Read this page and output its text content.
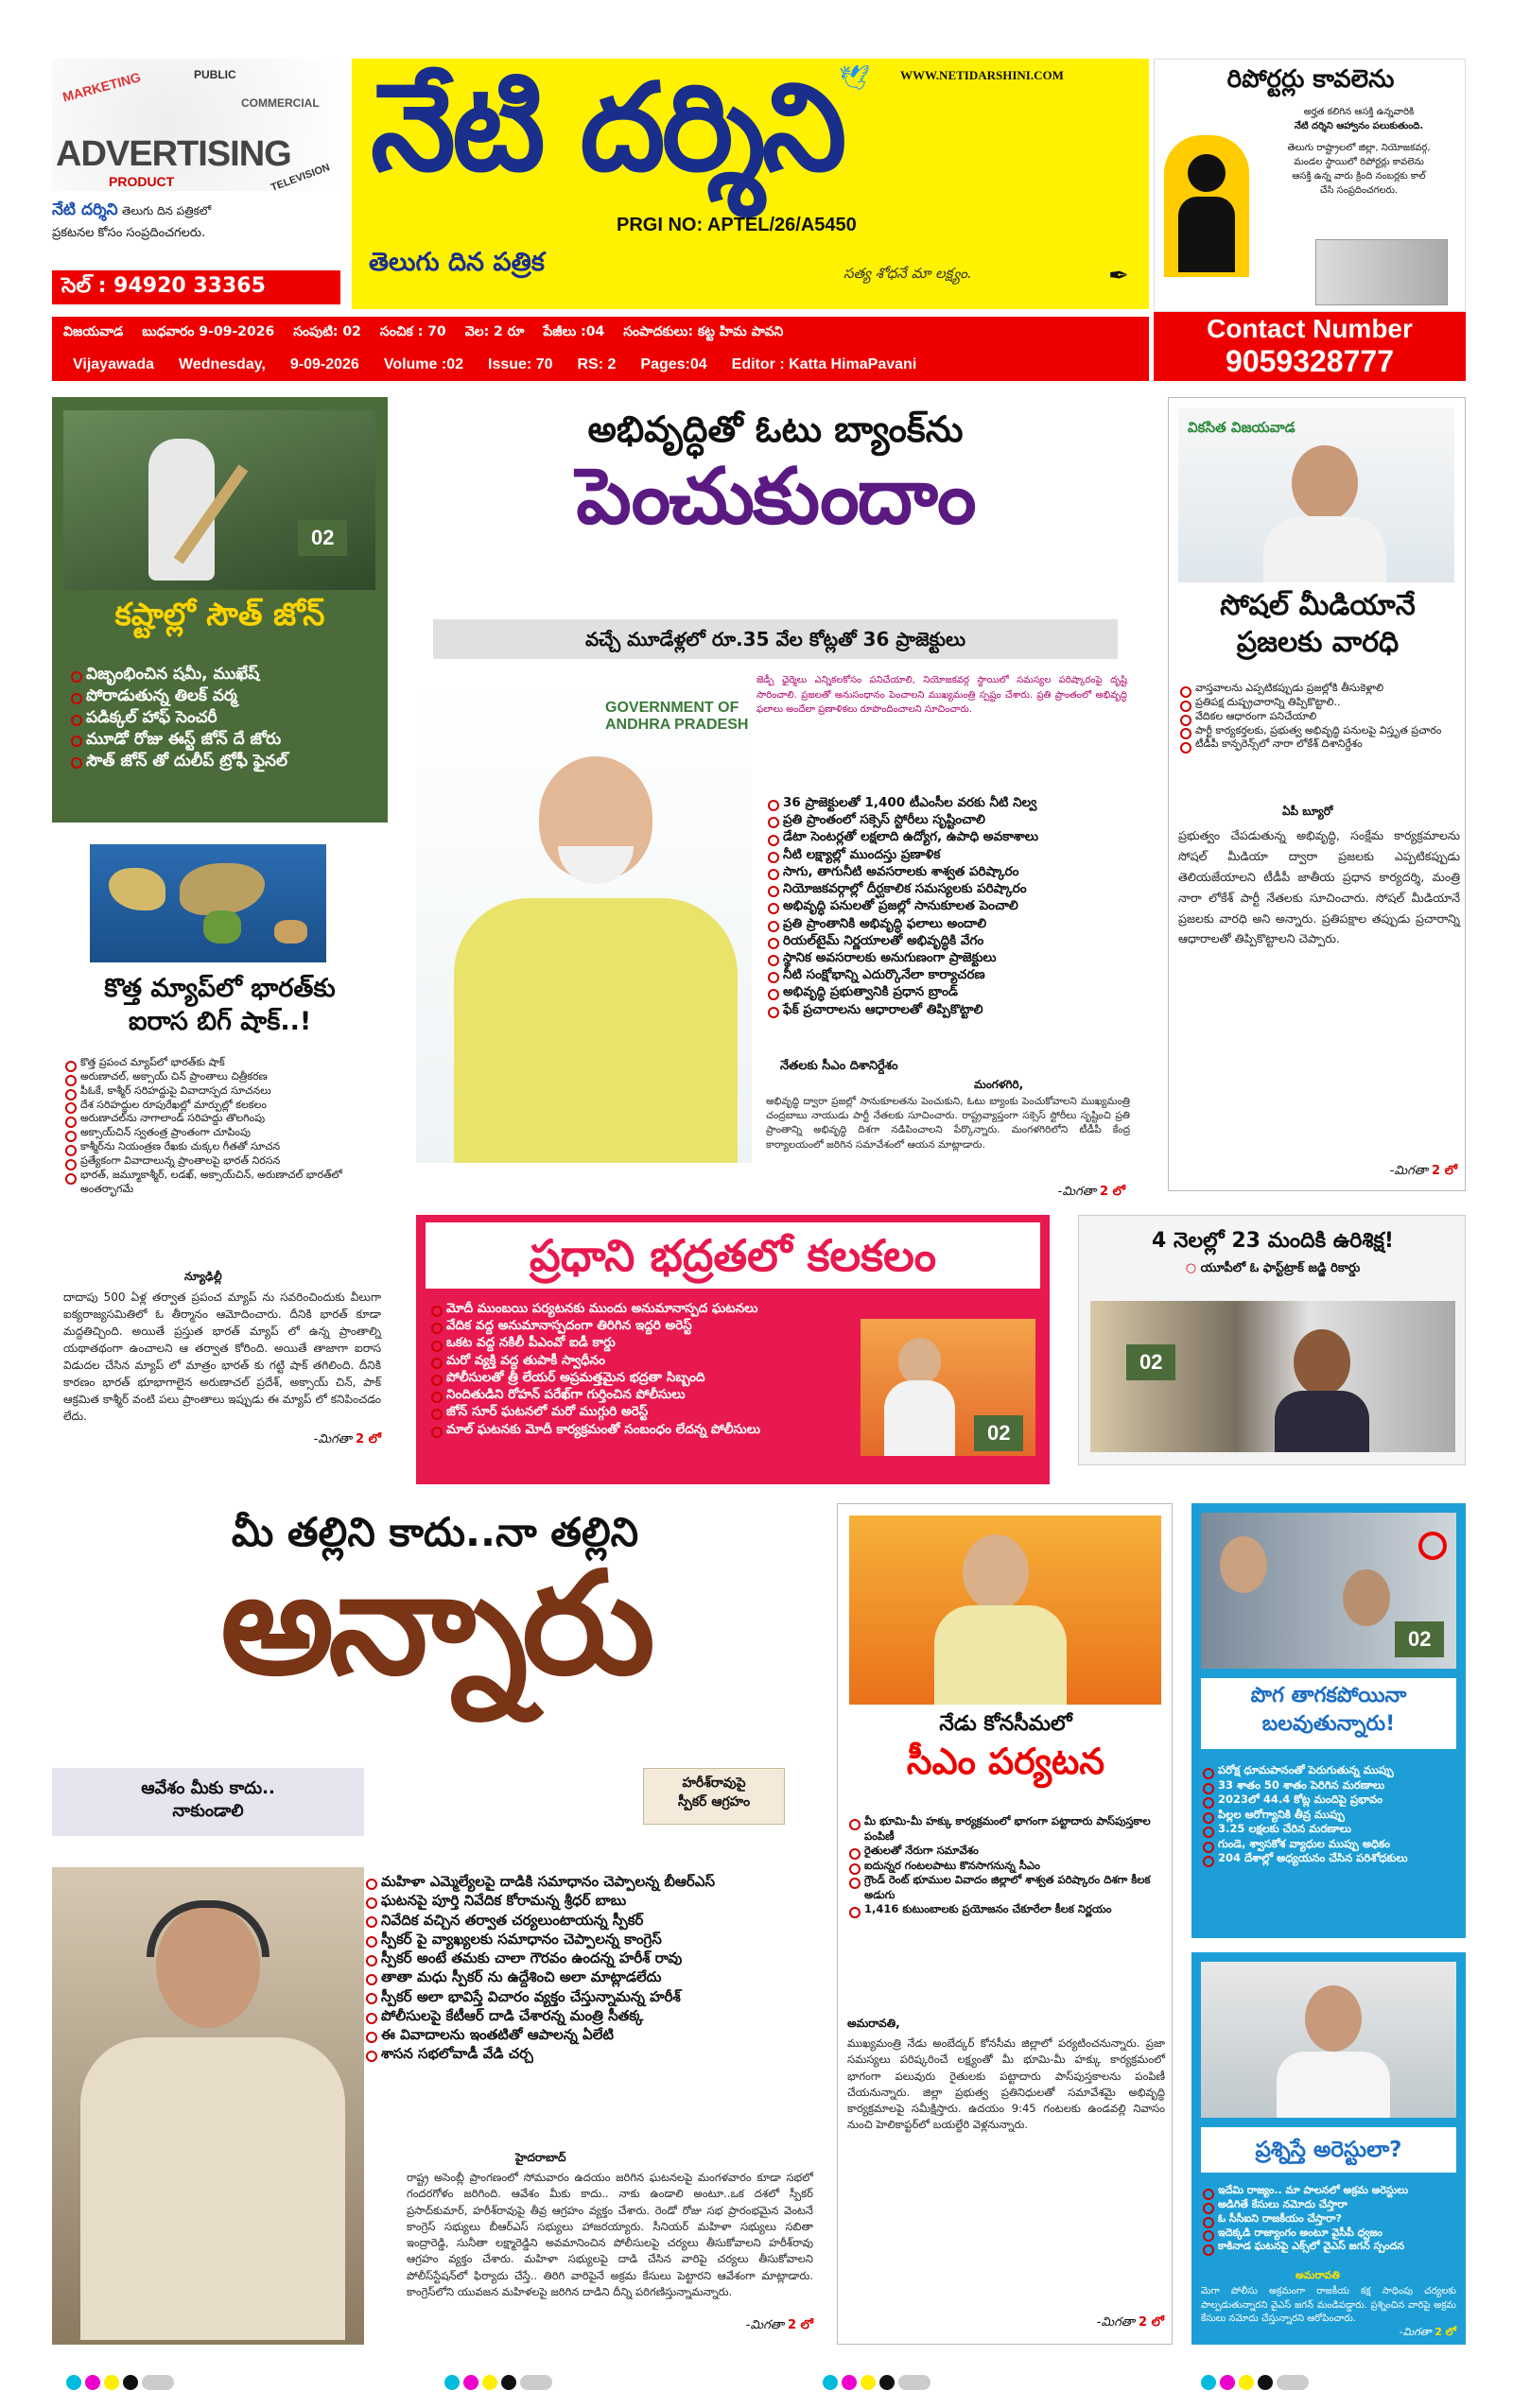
MARKETING	PUBLIC
COMMERCIAL
ADVERTISING
PRODUCT	TELEVISION
నేటి దర్శిని తెలుగు దిన పత్రికలో
ప్రకటనల కోసం సంప్రదించగలరు.
సెల్ : 94920 33365
WWW.NETIDARSHINI.COM
🕊
నేటి దర్శిని
PRGI NO: APTEL/26/A5450
తెలుగు దిన పత్రిక	సత్య శోధనే మా లక్ష్యం.	✒
విజయవాడ బుధవారం 9-09-2026 సంపుటి: 02 సంచిక : 70 వెల: 2 రూ పేజీలు :04 సంపాదకులు: కట్ట హిమ పావని
Vijayawada Wednesday, 9-09-2026 Volume :02 Issue: 70 RS: 2 Pages:04 Editor : Katta HimaPavani
రిపోర్టర్లు కావలెను
అర్హత కలిగిన ఆసక్తి ఉన్నవారికి
నేటి దర్శిని ఆహ్వానం పలుకుతుంది.
తెలుగు రాష్ట్రాలలో జిల్లా, నియోజకవర్గ,
మండల స్థాయిలో రిపోర్టర్లు కావలెను
ఆసక్తి ఉన్న వారు క్రింది నంబర్లకు కాల్
చేసి సంప్రదించగలరు.
Contact Number
9059328777
02
కష్టాల్లో సౌత్ జోన్
విజృంభించిన షమీ, ముఖేష్
పోరాడుతున్న తిలక్ వర్మ
పడిక్కల్ హాఫ్ సెంచరీ
మూడో రోజు ఈస్ట్ జోన్ దే జోరు
సౌత్ జోన్ తో దులీప్ ట్రోఫీ ఫైనల్
కొత్త మ్యాప్‌లో భారత్‌కు
ఐరాస బిగ్ షాక్..!
కొత్త ప్రపంచ మ్యాప్‌లో భారత్‌కు షాక్
అరుణాచల్, అక్సాయ్ చిన్ ప్రాంతాలు చిత్రీకరణ
పీఓకే, కాశ్మీర్ సరిహద్దుపై వివాదాస్పద సూచనలు
దేశ సరిహద్దుల రూపురేఖల్లో మార్పుల్లో కలకలం
అరుణాచల్‌ను నాగాలాండ్ సరిహద్దు తొలగింపు
అక్సాయ్‌చిన్ స్వతంత్ర ప్రాంతంగా చూపింపు
కాశ్మీర్‌ను నియంత్రణ రేఖకు చుక్కల గీతతో సూచన
ప్రత్యేకంగా వివాదాలున్న ప్రాంతాలపై భారత్ నిరసన
భారత్, జమ్మూకాశ్మీర్, లడఖ్, అక్సాయ్‌చిన్, అరుణాచల్ భారత్‌లో అంతర్భాగమే
న్యూఢిల్లీ
దాదాపు 500 ఏళ్ల తర్వాత ప్రపంచ మ్యాప్ ను సవరించిందుకు వీలుగా ఐక్యరాజ్యసమితిలో ఓ తీర్మానం ఆమోదించారు. దీనికి భారత్ కూడా మద్దతిచ్చింది. అయితే ప్రస్తుత భారత్ మ్యాప్ లో ఉన్న ప్రాంతాల్ని యథాతథంగా ఉంచాలని ఆ తర్వాత కోరింది. అయితే తాజాగా ఐరాస విడుదల చేసిన మ్యాప్ లో మాత్రం భారత్ కు గట్టి షాక్ తగిలింది. దీనికి కారణం భారత్ భూభాగాలైన అరుణాచల్ ప్రదేశ్, అక్సాయ్ చిన్, పాక్ ఆక్రమిత కాశ్మీర్ వంటి పలు ప్రాంతాలు ఇప్పుడు ఈ మ్యాప్ లో కనిపించడం లేదు.
-మిగతా 2 లో
అభివృద్ధితో ఓటు బ్యాంక్‌ను
పెంచుకుందాం
వచ్చే మూడేళ్లలో రూ.35 వేల కోట్లతో 36 ప్రాజెక్టులు
జెడ్పీ ఛైర్మెలు ఎన్నికలకోసం పనిచేయాలి, నియోజకవర్గ స్థాయిలో సమస్యల పరిష్కారంపై దృష్టి సారించాలి. ప్రజలతో అనుసంధానం పెంచాలని ముఖ్యమంత్రి స్పష్టం చేశారు. ప్రతి ప్రాంతంలో అభివృద్ధి ఫలాలు అందేలా ప్రణాళికలు రూపొందించాలని సూచించారు.
GOVERNMENT OF ANDHRA PRADESH
36 ప్రాజెక్టులతో 1,400 టీఎంసీల వరకు నీటి నిల్వ
ప్రతి ప్రాంతంలో సక్సెస్ స్టోరీలు సృష్టించాలి
డేటా సెంటర్లతో లక్షలాది ఉద్యోగ, ఉపాధి అవకాశాలు
నీటి లక్ష్యాల్లో ముందస్తు ప్రణాళిక
సాగు, తాగునీటి అవసరాలకు శాశ్వత పరిష్కారం
నియోజకవర్గాల్లో దీర్ఘకాలిక సమస్యలకు పరిష్కారం
అభివృద్ధి పనులతో ప్రజల్లో సానుకూలత పెంచాలి
ప్రతి ప్రాంతానికి అభివృద్ధి ఫలాలు అందాలి
రియల్‌టైమ్ నిర్ణయాలతో అభివృద్ధికి వేగం
స్థానిక అవసరాలకు అనుగుణంగా ప్రాజెక్టులు
నీటి సంక్షోభాన్ని ఎదుర్కొనేలా కార్యాచరణ
అభివృద్ధి ప్రభుత్వానికి ప్రధాన బ్రాండ్
ఫేక్ ప్రచారాలను ఆధారాలతో తిప్పికొట్టాలి
నేతలకు సీఎం దిశానిర్దేశం
మంగళగిరి,
అభివృద్ధి ద్వారా ప్రజల్లో సానుకూలతను పెంచుకుని, ఓటు బ్యాంకు పెంచుకోవాలని ముఖ్యమంత్రి చంద్రబాబు నాయుడు పార్టీ నేతలకు సూచించారు. రాష్ట్రవ్యాప్తంగా సక్సెస్ స్టోరీలు సృష్టించి ప్రతి ప్రాంతాన్ని అభివృద్ధి దిశగా నడిపించాలని పేర్కొన్నారు. మంగళగిరిలోని టీడీపీ కేంద్ర కార్యాలయంలో జరిగిన సమావేశంలో ఆయన మాట్లాడారు.
-మిగతా 2 లో
వికసిత విజయవాడ
సోషల్ మీడియానే
ప్రజలకు వారధి
వాస్తవాలను ఎప్పటికప్పుడు ప్రజల్లోకి తీసుకెళ్లాలి
ప్రతిపక్ష దుష్ప్రచారాన్ని తిప్పికొట్టాలి..
వేదికల ఆధారంగా పనిచేయాలి
పార్టీ కార్యకర్తలకు, ప్రభుత్వ అభివృద్ధి పనులపై విస్తృత ప్రచారం
టీడీపీ కాన్ఫరెన్స్‌లో నారా లోకేశ్ దిశానిర్దేశం
ఏపీ బ్యూరో
ప్రభుత్వం చేపడుతున్న అభివృద్ధి, సంక్షేమ కార్యక్రమాలను సోషల్ మీడియా ద్వారా ప్రజలకు ఎప్పటికప్పుడు తెలియజేయాలని టీడీపీ జాతీయ ప్రధాన కార్యదర్శి, మంత్రి నారా లోకేశ్ పార్టీ నేతలకు సూచించారు. సోషల్ మీడియానే ప్రజలకు వారధి అని అన్నారు. ప్రతిపక్షాల తప్పుడు ప్రచారాన్ని ఆధారాలతో తిప్పికొట్టాలని చెప్పారు.
-మిగతా 2 లో
ప్రధాని భద్రతలో కలకలం
మోదీ ముంబయి పర్యటనకు ముందు అనుమానాస్పద ఘటనలు
వేదిక వద్ద అనుమానాస్పదంగా తిరిగిన ఇద్దరి అరెస్ట్
ఒకట వద్ద నకిలీ పీఎంవో ఐడీ కార్డు
మరో వ్యక్తి వద్ద తుపాకీ స్వాధీనం
పోలీసులతో త్రీ లేయర్ అప్రమత్తమైన భద్రతా సిబ్బంది
నిందితుడిని రోహన్ పరేఖ్‌గా గుర్తించిన పోలీసులు
జోన్ సూర్ ఘటనలో మరో ముగ్గురి అరెస్ట్
మాల్ ఘటనకు మోదీ కార్యక్రమంతో సంబంధం లేదన్న పోలీసులు	02
4 నెలల్లో 23 మందికి ఉరిశిక్ష!
○ యూపీలో ఓ ఫాస్ట్‌ట్రాక్ జడ్జి రికార్డు
02
మీ తల్లిని కాదు..నా తల్లిని
అన్నారు
ఆవేశం మీకు కాదు..
నాకుండాలి
హరీశ్‌రావుపై
స్పీకర్ ఆగ్రహం
మహిళా ఎమ్మెల్యేలపై దాడికి సమాధానం చెప్పాలన్న బీఆర్ఎస్
ఘటనపై పూర్తి నివేదిక కోరామన్న శ్రీధర్ బాబు
నివేదిక వచ్చిన తర్వాత చర్యలుంటాయన్న స్పీకర్
స్పీకర్ పై వ్యాఖ్యలకు సమాధానం చెప్పాలన్న కాంగ్రెస్
స్పీకర్ అంటే తమకు చాలా గౌరవం ఉందన్న హరీశ్ రావు
తాతా మధు స్పీకర్ ను ఉద్దేశించి అలా మాట్లాడలేదు
స్పీకర్ అలా భావిస్తే విచారం వ్యక్తం చేస్తున్నామన్న హరీశ్
పోలీసులపై కేటీఆర్ దాడి చేశారన్న మంత్రి సీతక్క
ఈ వివాదాలను ఇంతటితో ఆపాలన్న ఏలేటి
శాసన సభలోవాడీ వేడి చర్చ
హైదరాబాద్
రాష్ట్ర అసెంబ్లీ ప్రాంగణంలో సోమవారం ఉదయం జరిగిన ఘటనలపై మంగళవారం కూడా సభలో గందరగోళం జరిగింది. ఆవేశం మీకు కాదు.. నాకు ఉండాలి అంటూ..ఒక దశలో స్పీకర్ ప్రసాద్‌కుమార్, హరీశ్‌రావుపై తీవ్ర ఆగ్రహం వ్యక్తం చేశారు. రెండో రోజు సభ ప్రారంభమైన వెంటనే కాంగ్రెస్ సభ్యులు బీఆర్ఎస్ సభ్యులు హాజరయ్యారు. సీనియర్ మహిళా సభ్యులు సబితా ఇంద్రారెడ్డి, సునీతా లక్ష్మారెడ్డిని అవమానించిన పోలీసులపై చర్యలు తీసుకోవాలని హరీశ్‌రావు ఆగ్రహం వ్యక్తం చేశారు. మహిళా సభ్యులపై దాడి చేసిన వారిపై చర్యలు తీసుకోవాలని పోలీస్‌స్టేషన్‌లో ఫిర్యాదు చేస్తే.. తిరిగి వారిపైనే అక్రమ కేసులు పెట్టారని ఆవేశంగా మాట్లాడారు. కాంగ్రెస్‌లోని యువజన మహిళలపై జరిగిన దాడిని దీన్ని పరిగణిస్తున్నామన్నారు.
-మిగతా 2 లో
నేడు కోనసీమలో
సీఎం పర్యటన
మీ భూమి-మీ హక్కు కార్యక్రమంలో భాగంగా పట్టాదారు పాస్‌పుస్తకాల పంపిణీ
రైతులతో నేరుగా సమావేశం
ఐదున్నర గంటలపాటు కొనసాగనున్న సీఎం
గ్రౌండ్ రెంట్ భూముల వివాదం జిల్లాలో శాశ్వత పరిష్కారం దిశగా కీలక అడుగు
1,416 కుటుంబాలకు ప్రయోజనం చేకూరేలా కీలక నిర్ణయం
అమరావతి,
ముఖ్యమంత్రి నేడు అంబేద్కర్ కోనసీమ జిల్లాలో పర్యటించనున్నారు. ప్రజా సమస్యలు పరిష్కరించే లక్ష్యంతో మీ భూమి-మీ హక్కు కార్యక్రమంలో భాగంగా పలువురు రైతులకు పట్టాదారు పాస్‌పుస్తకాలను పంపిణీ చేయనున్నారు. జిల్లా ప్రభుత్వ ప్రతినిధులతో సమావేశమై అభివృద్ధి కార్యక్రమాలపై సమీక్షిస్తారు. ఉదయం 9:45 గంటలకు ఉండవల్లి నివాసం నుంచి హెలికాప్టర్‌లో బయల్దేరి వెళ్లనున్నారు.
-మిగతా 2 లో
02
పొగ తాగకపోయినా
బలవుతున్నారు!
పరోక్ష ధూమపానంతో పెరుగుతున్న ముప్పు
33 శాతం 50 శాతం పెరిగిన మరణాలు
2023లో 44.4 కోట్ల మందిపై ప్రభావం
పిల్లల ఆరోగ్యానికి తీవ్ర ముప్పు
3.25 లక్షలకు చేరిన మరణాలు
గుండె, శ్వాసకోశ వ్యాధుల ముప్పు అధికం
204 దేశాల్లో అధ్యయనం చేసిన పరిశోధకులు
ప్రశ్నిస్తే అరెస్టులా?
ఇదేమి రాజ్యం.. మా పాలనలో అక్రమ అరెస్టులు
అడిగితే కేసులు నమోదు చేస్తారా
ఓ సీసీఐని రాజకీయం చేస్తారా?
ఇదెక్కడి రాజ్యాంగం అంటూ వైసీపీ ధ్వజం
కాకినాడ ఘటనపై ఎక్స్‌లో వైఎస్ జగన్ స్పందన
అమరావతి
మెగా పోలీసు అక్రమంగా రాజకీయ కక్ష సాధింపు చర్యలకు పాల్పడుతున్నారని వైఎస్ జగన్ మండిపడ్డారు. ప్రశ్నించిన వారిపై అక్రమ కేసులు నమోదు చేస్తున్నారని ఆరోపించారు.
-మిగతా 2 లో
